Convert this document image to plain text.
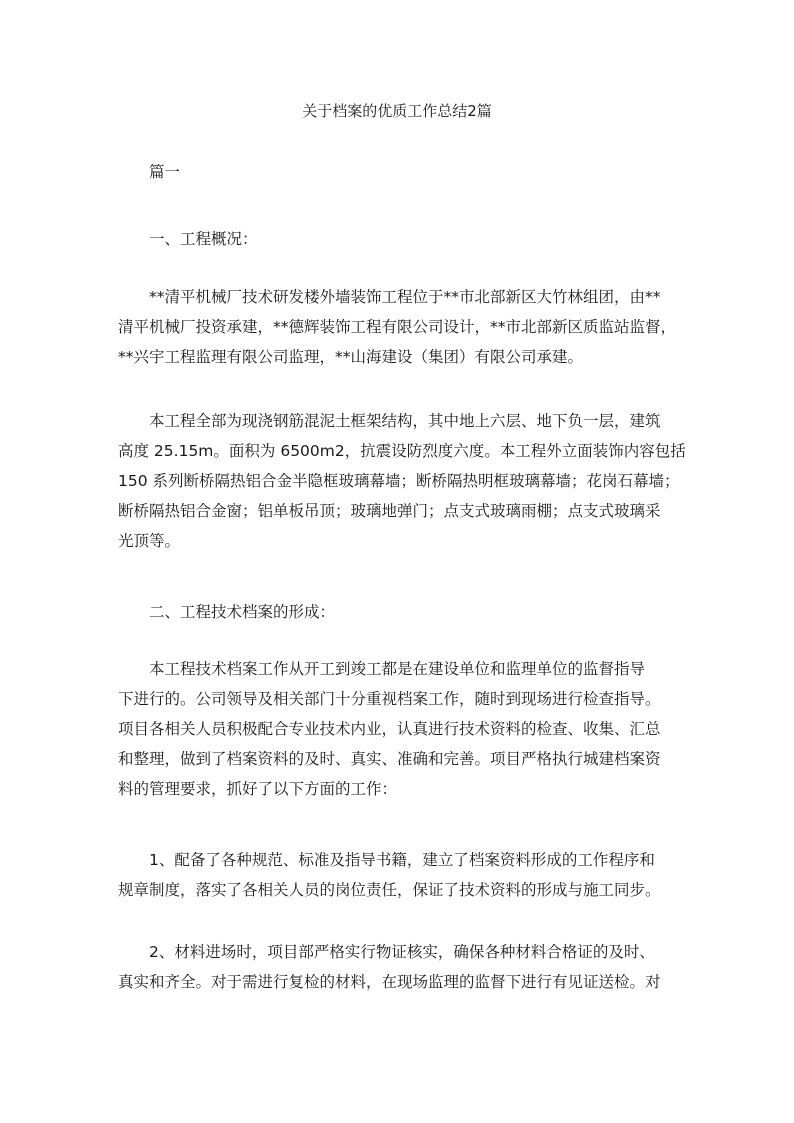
关于档案的优质工作总结2篇

篇一

一、工程概况：

**清平机械厂技术研发楼外墙装饰工程位于**市北部新区大竹林组团，由**
清平机械厂投资承建，**德辉装饰工程有限公司设计，**市北部新区质监站监督，
**兴宇工程监理有限公司监理，**山海建设（集团）有限公司承建。
本工程全部为现浇钢筋混泥土框架结构，其中地上六层、地下负一层，建筑
高度 25.15m。面积为 6500m2，抗震设防烈度六度。本工程外立面装饰内容包括
150 系列断桥隔热铝合金半隐框玻璃幕墙；断桥隔热明框玻璃幕墙；花岗石幕墙；
断桥隔热铝合金窗；铝单板吊顶；玻璃地弹门；点支式玻璃雨棚；点支式玻璃采
光顶等。

二、工程技术档案的形成：

本工程技术档案工作从开工到竣工都是在建设单位和监理单位的监督指导
下进行的。公司领导及相关部门十分重视档案工作，随时到现场进行检查指导。
项目各相关人员积极配合专业技术内业，认真进行技术资料的检查、收集、汇总
和整理，做到了档案资料的及时、真实、准确和完善。项目严格执行城建档案资
料的管理要求，抓好了以下方面的工作：
1、配备了各种规范、标准及指导书籍，建立了档案资料形成的工作程序和
规章制度，落实了各相关人员的岗位责任，保证了技术资料的形成与施工同步。
2、材料进场时，项目部严格实行物证核实，确保各种材料合格证的及时、
真实和齐全。对于需进行复检的材料，在现场监理的监督下进行有见证送检。对
